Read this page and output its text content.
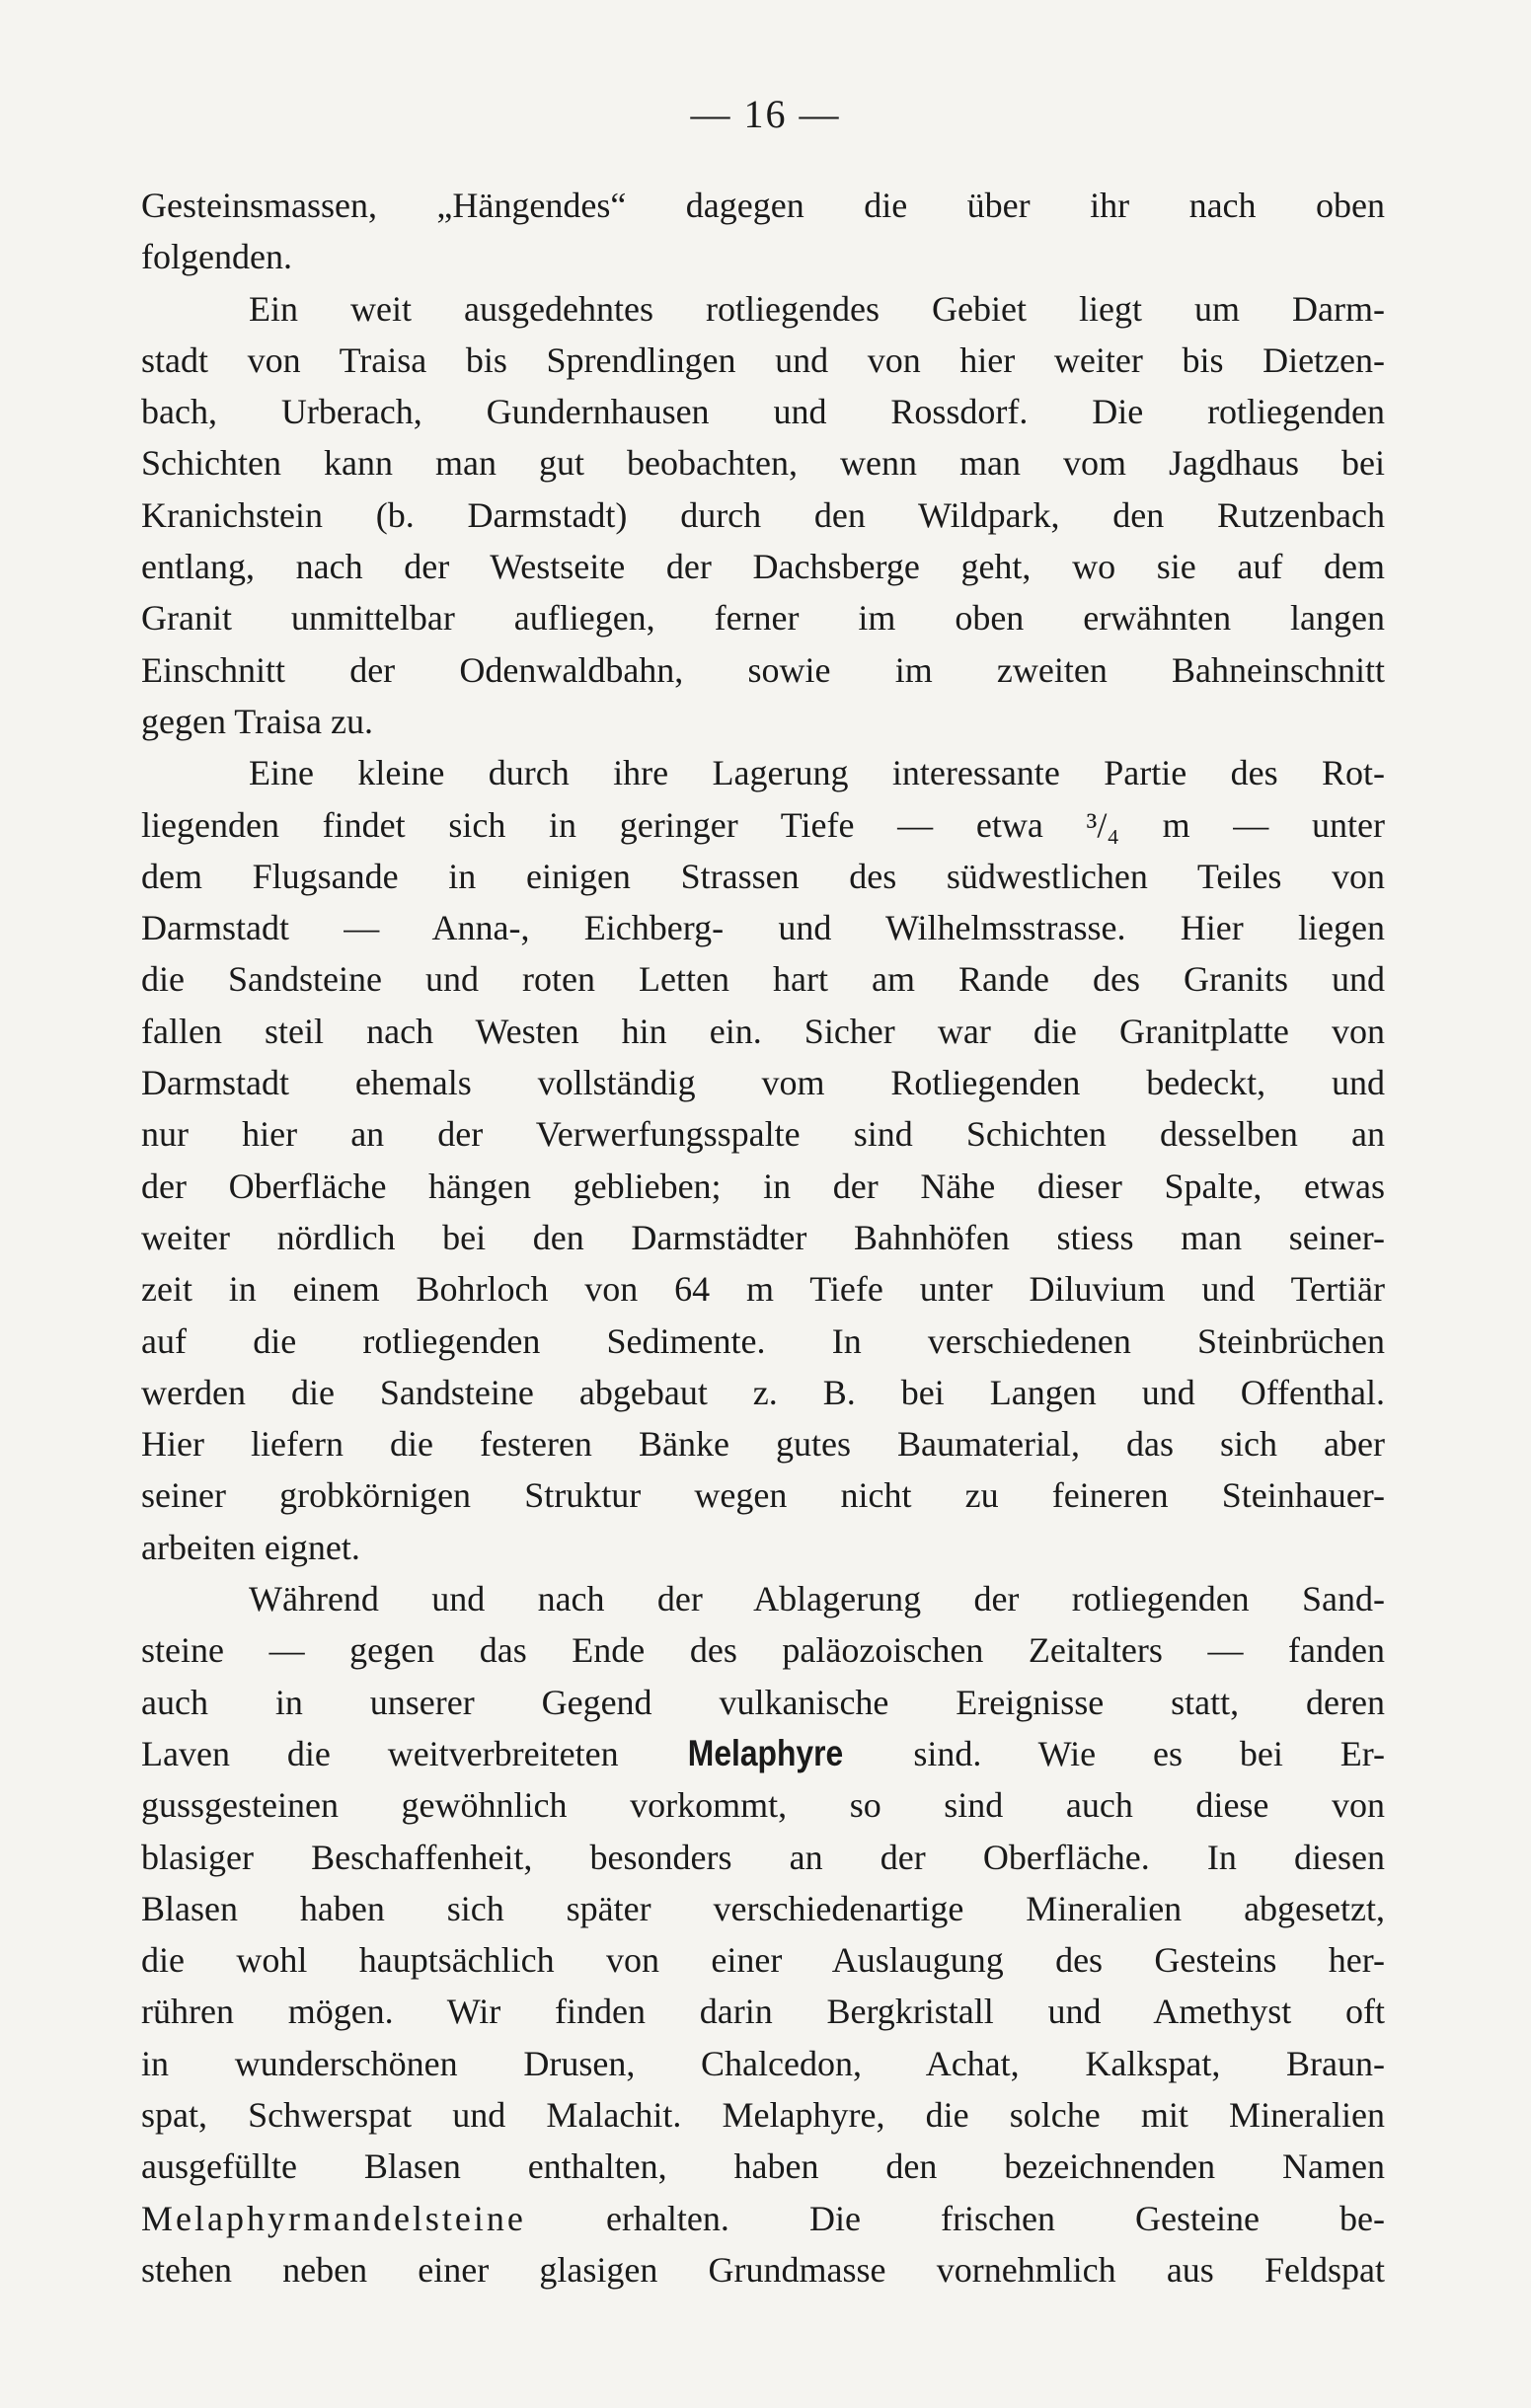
— 16 —
Gesteinsmassen, „Hängendes“ dagegen die über ihr nach oben
folgenden.
Ein weit ausgedehntes rotliegendes Gebiet liegt um Darm-
stadt von Traisa bis Sprendlingen und von hier weiter bis Dietzen-
bach, Urberach, Gundernhausen und Rossdorf. Die rotliegenden
Schichten kann man gut beobachten, wenn man vom Jagdhaus bei
Kranichstein (b. Darmstadt) durch den Wildpark, den Rutzenbach
entlang, nach der Westseite der Dachsberge geht, wo sie auf dem
Granit unmittelbar aufliegen, ferner im oben erwähnten langen
Einschnitt der Odenwaldbahn, sowie im zweiten Bahneinschnitt
gegen Traisa zu.
Eine kleine durch ihre Lagerung interessante Partie des Rot-
liegenden findet sich in geringer Tiefe — etwa ³/₄ m — unter
dem Flugsande in einigen Strassen des südwestlichen Teiles von
Darmstadt — Anna-, Eichberg- und Wilhelmsstrasse. Hier liegen
die Sandsteine und roten Letten hart am Rande des Granits und
fallen steil nach Westen hin ein. Sicher war die Granitplatte von
Darmstadt ehemals vollständig vom Rotliegenden bedeckt, und
nur hier an der Verwerfungsspalte sind Schichten desselben an
der Oberfläche hängen geblieben; in der Nähe dieser Spalte, etwas
weiter nördlich bei den Darmstädter Bahnhöfen stiess man seiner-
zeit in einem Bohrloch von 64 m Tiefe unter Diluvium und Tertiär
auf die rotliegenden Sedimente. In verschiedenen Steinbrüchen
werden die Sandsteine abgebaut z. B. bei Langen und Offenthal.
Hier liefern die festeren Bänke gutes Baumaterial, das sich aber
seiner grobkörnigen Struktur wegen nicht zu feineren Steinhauer-
arbeiten eignet.
Während und nach der Ablagerung der rotliegenden Sand-
steine — gegen das Ende des paläozoischen Zeitalters — fanden
auch in unserer Gegend vulkanische Ereignisse statt, deren
Laven die weitverbreiteten Melaphyre sind. Wie es bei Er-
gussgesteinen gewöhnlich vorkommt, so sind auch diese von
blasiger Beschaffenheit, besonders an der Oberfläche. In diesen
Blasen haben sich später verschiedenartige Mineralien abgesetzt,
die wohl hauptsächlich von einer Auslaugung des Gesteins her-
rühren mögen. Wir finden darin Bergkristall und Amethyst oft
in wunderschönen Drusen, Chalcedon, Achat, Kalkspat, Braun-
spat, Schwerspat und Malachit. Melaphyre, die solche mit Mineralien
ausgefüllte Blasen enthalten, haben den bezeichnenden Namen
Melaphyrmandelsteine erhalten. Die frischen Gesteine be-
stehen neben einer glasigen Grundmasse vornehmlich aus Feldspat
